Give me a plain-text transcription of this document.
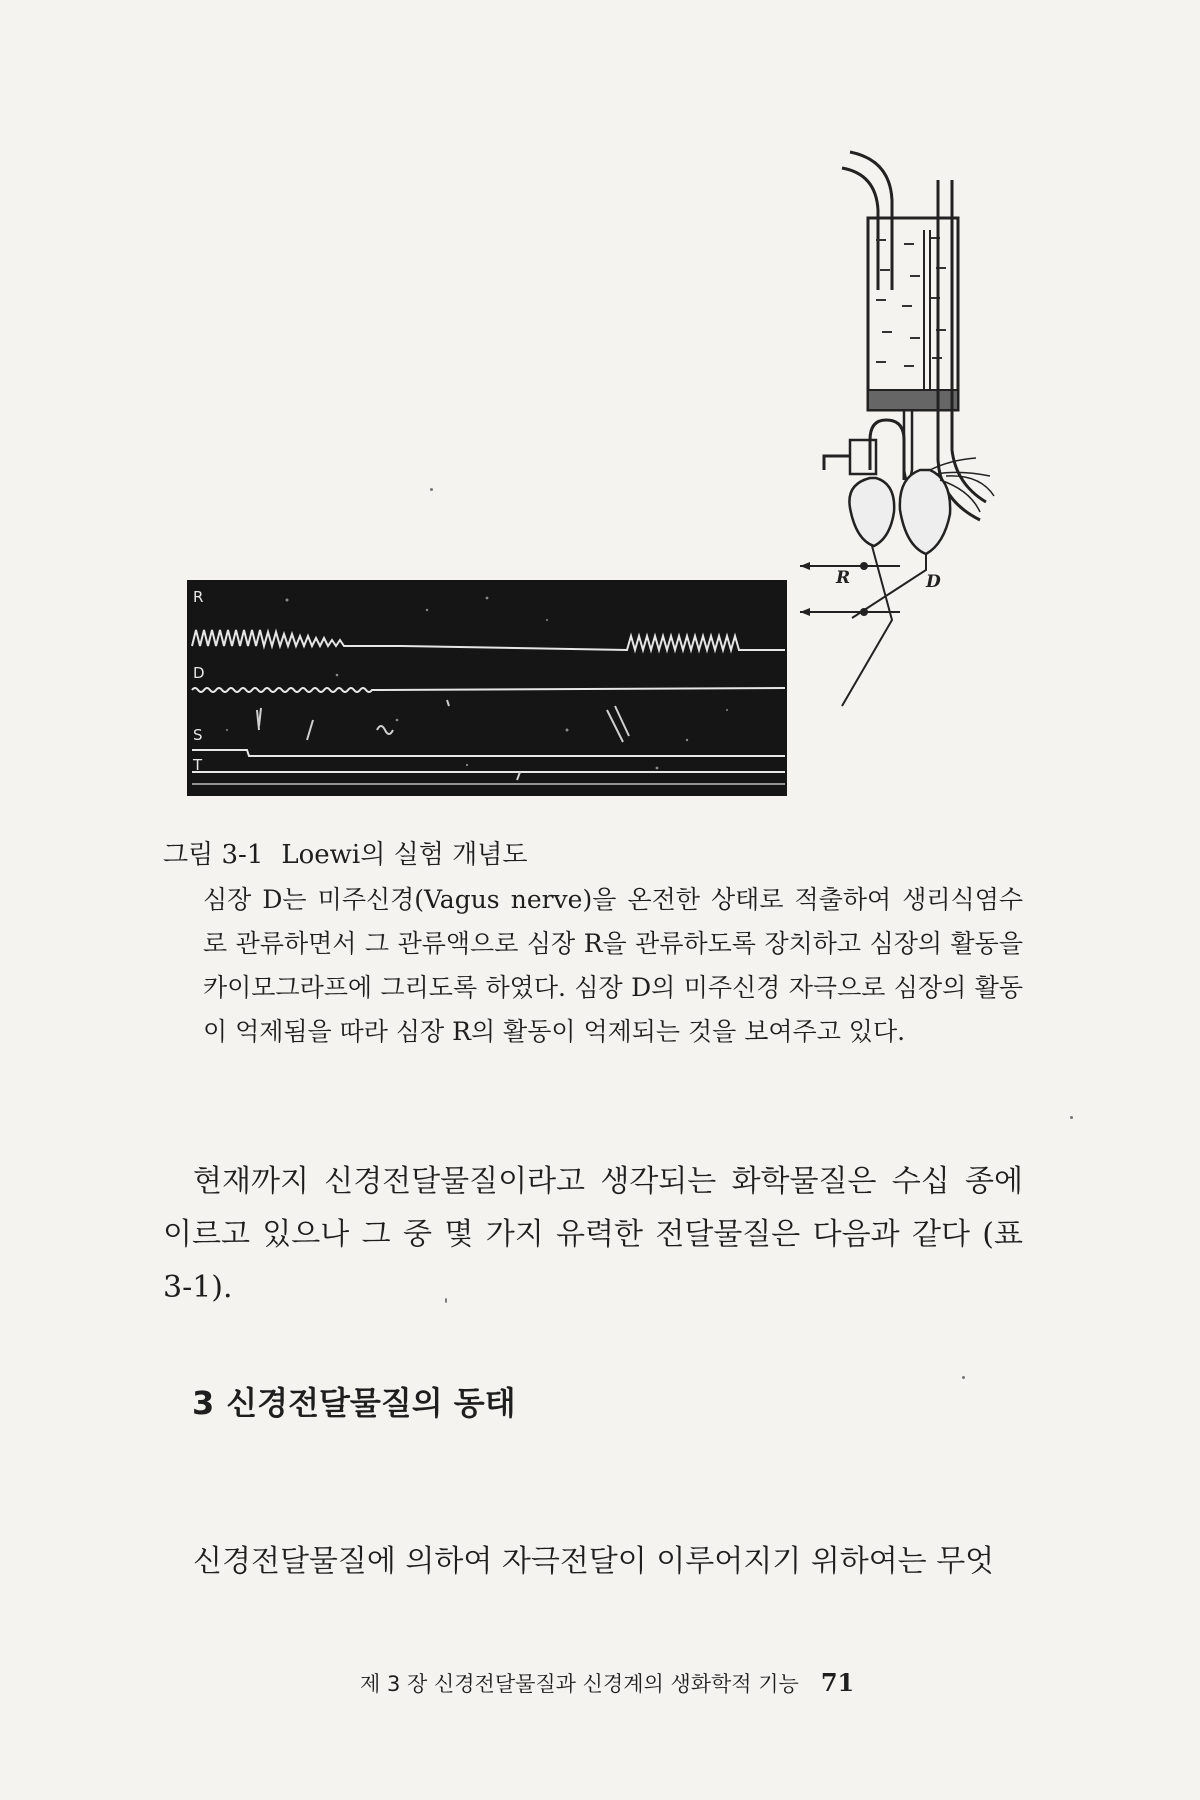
R
D
S
T
R	D

그림 3-1 Loewi의 실험 개념도

심장 D는 미주신경(Vagus nerve)을 온전한 상태로 적출하여 생리식염수로 관류하면서 그 관류액으로 심장 R을 관류하도록 장치하고 심장의 활동을 카이모그라프에 그리도록 하였다. 심장 D의 미주신경 자극으로 심장의 활동이 억제됨을 따라 심장 R의 활동이 억제되는 것을 보여주고 있다.

현재까지 신경전달물질이라고 생각되는 화학물질은 수십 종에 이르고 있으나 그 중 몇 가지 유력한 전달물질은 다음과 같다 (표 3-1).

3 신경전달물질의 동태

신경전달물질에 의하여 자극전달이 이루어지기 위하여는 무엇

제 3 장 신경전달물질과 신경계의 생화학적 기능 71
